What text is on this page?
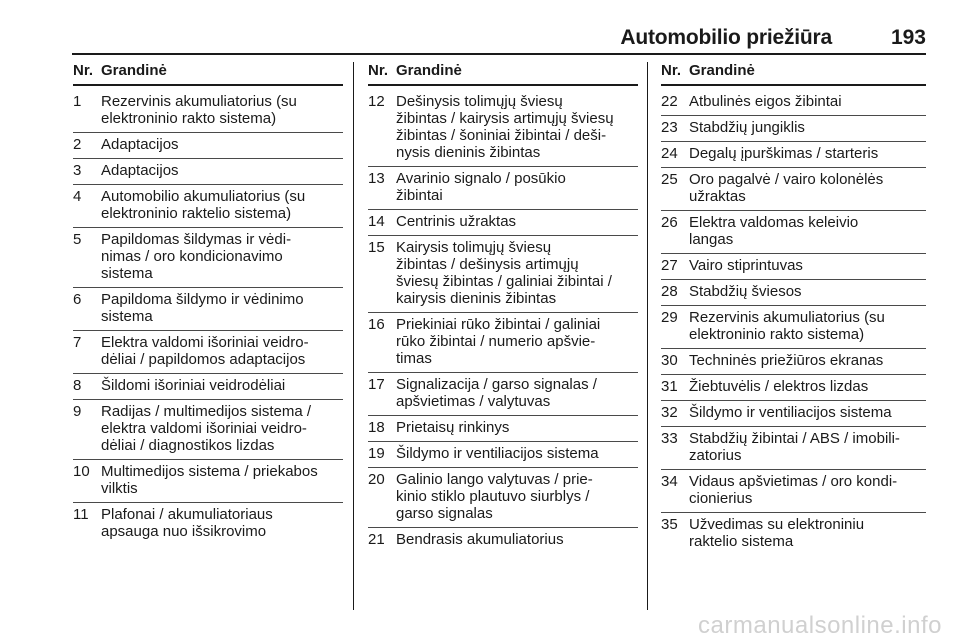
Automobilio priežiūra	193
Nr. Grandinė
1	Rezervinis akumuliatorius (su
elektroninio rakto sistema)
2	Adaptacijos
3	Adaptacijos
4	Automobilio akumuliatorius (su
elektroninio raktelio sistema)
5	Papildomas šildymas ir vėdi-
nimas / oro kondicionavimo
sistema
6	Papildoma šildymo ir vėdinimo
sistema
7	Elektra valdomi išoriniai veidro-
dėliai / papildomos adaptacijos
8	Šildomi išoriniai veidrodėliai
9	Radijas / multimedijos sistema /
elektra valdomi išoriniai veidro-
dėliai / diagnostikos lizdas
10 Multimedijos sistema / priekabos
vilktis
11 Plafonai / akumuliatoriaus
apsauga nuo išsikrovimo
Nr. Grandinė
12 Dešinysis tolimųjų šviesų
žibintas / kairysis artimųjų šviesų
žibintas / šoniniai žibintai / deši-
nysis dieninis žibintas
13 Avarinio signalo / posūkio
žibintai
14 Centrinis užraktas
15 Kairysis tolimųjų šviesų
žibintas / dešinysis artimųjų
šviesų žibintas / galiniai žibintai /
kairysis dieninis žibintas
16 Priekiniai rūko žibintai / galiniai
rūko žibintai / numerio apšvie-
timas
17 Signalizacija / garso signalas /
apšvietimas / valytuvas
18 Prietaisų rinkinys
19 Šildymo ir ventiliacijos sistema
20 Galinio lango valytuvas / prie-
kinio stiklo plautuvo siurblys /
garso signalas
21 Bendrasis akumuliatorius
Nr. Grandinė
22 Atbulinės eigos žibintai
23 Stabdžių jungiklis
24 Degalų įpurškimas / starteris
25 Oro pagalvė / vairo kolonėlės
užraktas
26 Elektra valdomas keleivio
langas
27 Vairo stiprintuvas
28 Stabdžių šviesos
29 Rezervinis akumuliatorius (su
elektroninio rakto sistema)
30 Techninės priežiūros ekranas
31 Žiebtuvėlis / elektros lizdas
32 Šildymo ir ventiliacijos sistema
33 Stabdžių žibintai / ABS / imobili-
zatorius
34 Vidaus apšvietimas / oro kondi-
cionierius
35 Užvedimas su elektroniniu
raktelio sistema
carmanualsonline.info
